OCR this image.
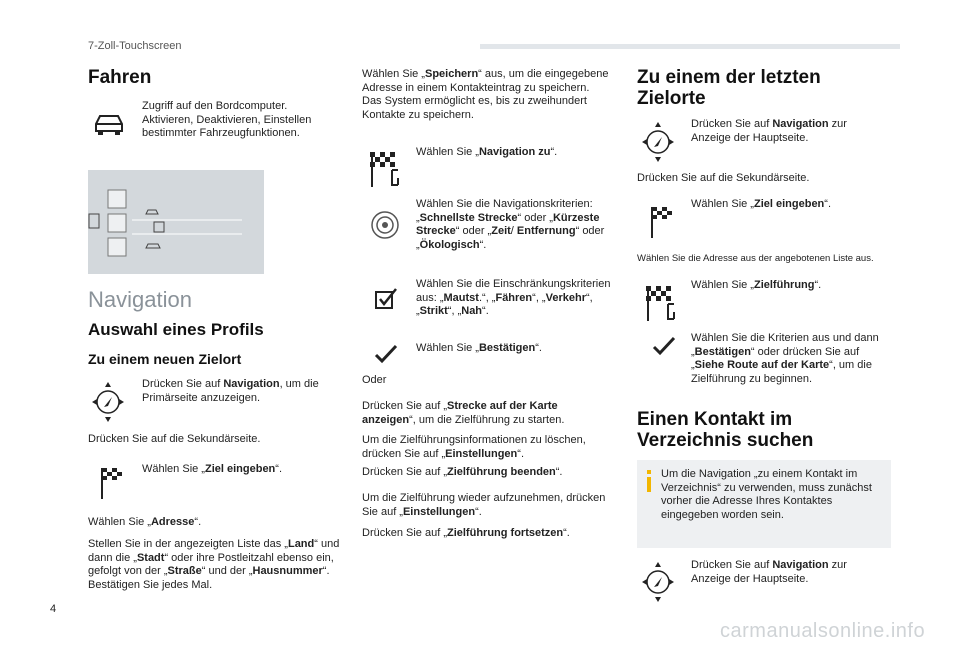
7-Zoll-Touchscreen
Fahren

Zugriff auf den Bordcomputer. Aktivieren, Deaktivieren, Einstellen bestimmter Fahrzeugfunktionen.

Navigation
Auswahl eines Profils
Zu einem neuen Zielort

Drücken Sie auf Navigation, um die Primärseite anzuzeigen.

Drücken Sie auf die Sekundärseite.

Wählen Sie „Ziel eingeben“.

Wählen Sie „Adresse“.

Stellen Sie in der angezeigten Liste das „Land“ und dann die „Stadt“ oder ihre Postleitzahl ebenso ein, gefolgt von der „Straße“ und der „Hausnummer“.
Bestätigen Sie jedes Mal.

Wählen Sie „Speichern“ aus, um die eingegebene Adresse in einem Kontakteintrag zu speichern.
Das System ermöglicht es, bis zu zweihundert Kontakte zu speichern.

Wählen Sie „Navigation zu“.

Wählen Sie die Navigationskriterien: „Schnellste Strecke“ oder „Kürzeste Strecke“ oder „Zeit/ Entfernung“ oder „Ökologisch“.

Wählen Sie die Einschränkungskriterien aus: „Mautst.“, „Fähren“, „Verkehr“, „Strikt“, „Nah“.

Wählen Sie „Bestätigen“.

Oder

Drücken Sie auf „Strecke auf der Karte anzeigen“, um die Zielführung zu starten.

Um die Zielführungsinformationen zu löschen, drücken Sie auf „Einstellungen“.

Drücken Sie auf „Zielführung beenden“.

Um die Zielführung wieder aufzunehmen, drücken Sie auf „Einstellungen“.

Drücken Sie auf „Zielführung fortsetzen“.

Zu einem der letzten
Zielorte

Drücken Sie auf Navigation zur Anzeige der Hauptseite.

Drücken Sie auf die Sekundärseite.

Wählen Sie „Ziel eingeben“.

Wählen Sie die Adresse aus der angebotenen Liste aus.

Wählen Sie „Zielführung“.

Wählen Sie die Kriterien aus und dann „Bestätigen“ oder drücken Sie auf „Siehe Route auf der Karte“, um die Zielführung zu beginnen.

Einen Kontakt im
Verzeichnis suchen

Um die Navigation „zu einem Kontakt im Verzeichnis“ zu verwenden, muss zunächst vorher die Adresse Ihres Kontaktes eingegeben worden sein.

Drücken Sie auf Navigation zur Anzeige der Hauptseite.

4
carmanualsonline.info
